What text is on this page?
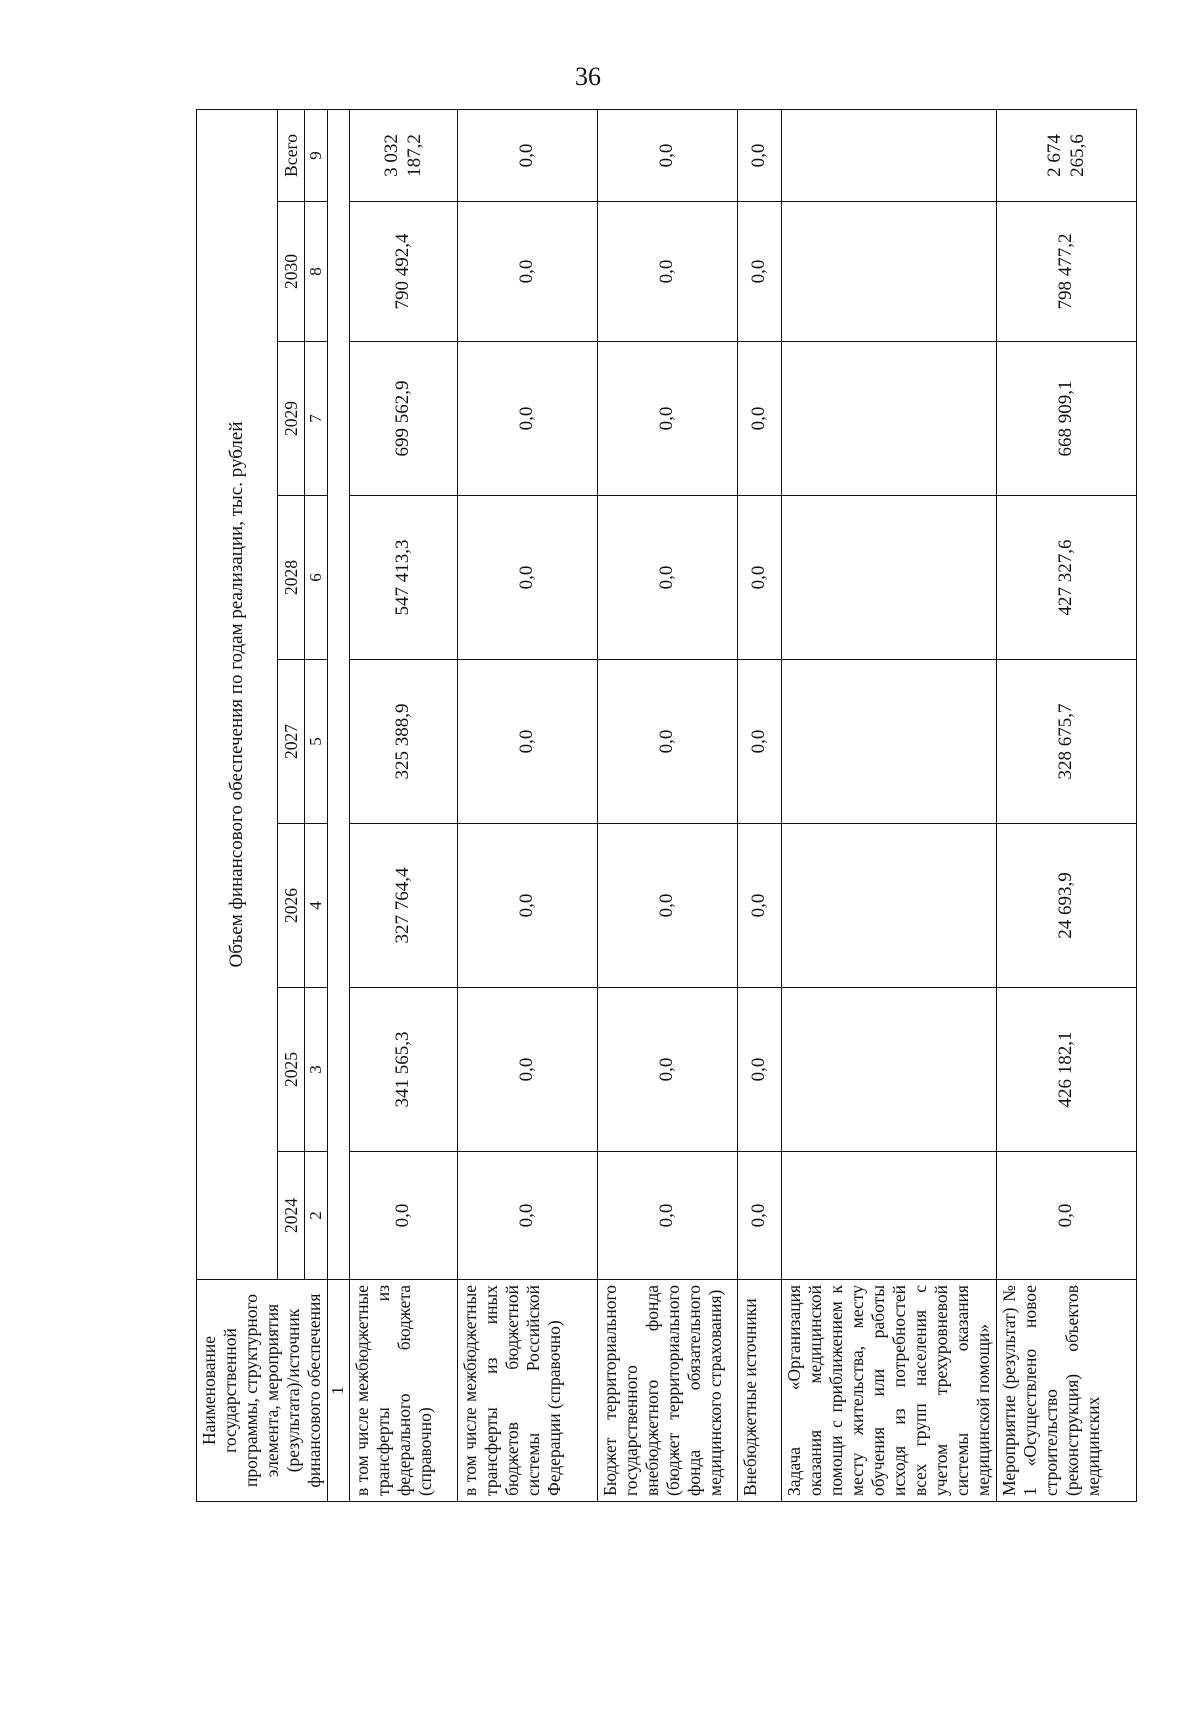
36
Наименование государственной программы, структурного элемента, мероприятия (результата)/источник финансового обеспечения	Объем финансового обеспечения по годам реализации, тыс. рублей							
	2024	2025	2026	2027	2028	2029	2030	Всего
	2	3	4	5	6	7	8	9
1								
в том числе межбюджетные трансферты из федерального бюджета (справочно)	0,0	341 565,3	327 764,4	325 388,9	547 413,3	699 562,9	790 492,4	3 032 187,2
в том числе межбюджетные трансферты из иных бюджетов бюджетной системы Российской Федерации (справочно)	0,0	0,0	0,0	0,0	0,0	0,0	0,0	0,0
Бюджет территориального государственного внебюджетного фонда (бюджет территориального фонда обязательного медицинского страхования)	0,0	0,0	0,0	0,0	0,0	0,0	0,0	0,0
Внебюджетные источники	0,0	0,0	0,0	0,0	0,0	0,0	0,0	0,0
Задача «Организация оказания медицинской помощи с приближением к месту жительства, месту обучения или работы исходя из потребностей всех групп населения с учетом трехуровневой системы оказания медицинской помощи»								
Мероприятие (результат) № 1 «Осуществлено новое строительство (реконструкция) объектов медицинских	0,0	426 182,1	24 693,9	328 675,7	427 327,6	668 909,1	798 477,2	2 674 265,6
